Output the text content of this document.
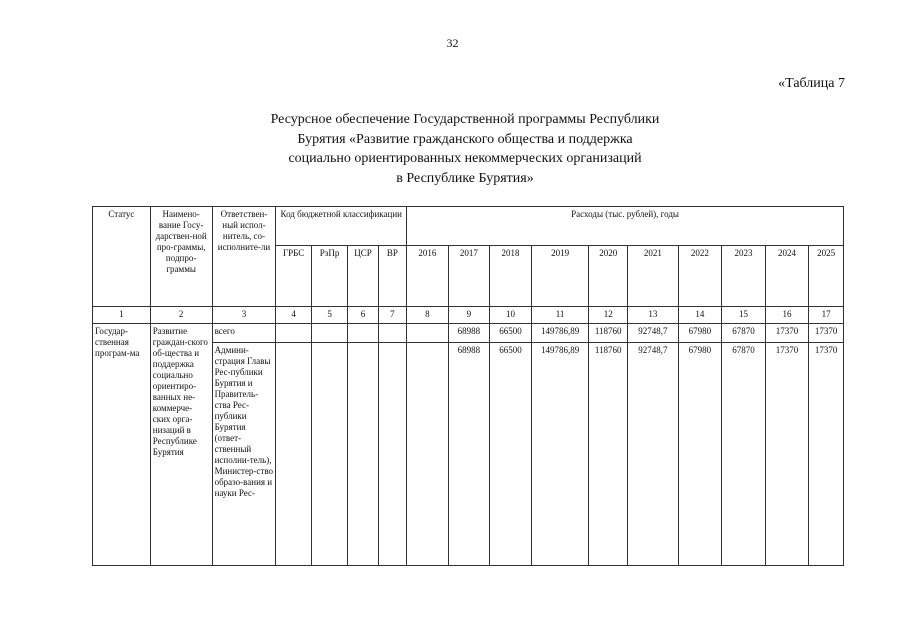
32
«Таблица 7
Ресурсное обеспечение Государственной программы Республики
Бурятия «Развитие гражданского общества и поддержка
социально ориентированных некоммерческих организаций
в Республике Бурятия»
Статус	Наимено-вание Госу-дарствен-ной про-граммы, подпро-граммы	Ответствен-ный испол-нитель, со-исполните-ли	Код бюджетной классификации				Расходы (тыс. рублей), годы									
			ГРБС	РзПр	ЦСР	ВР	2016	2017	2018	2019	2020	2021	2022	2023	2024	2025
1	2	3	4	5	6	7	8	9	10	11	12	13	14	15	16	17
Государ-ственная програм-ма	Развитие граждан-ского об-щества и поддержка социально ориентиро-ванных не-коммерче-ских орга-низаций в Республике Бурятия	всего						68988	66500	149786,89	118760	92748,7	67980	67870	17370	17370
		Админи-страция Главы Рес-публики Бурятия и Правитель-ства Рес-публики Бурятия (ответ-ственный исполни-тель), Министер-ство образо-вания и науки Рес-						68988	66500	149786,89	118760	92748,7	67980	67870	17370	17370
